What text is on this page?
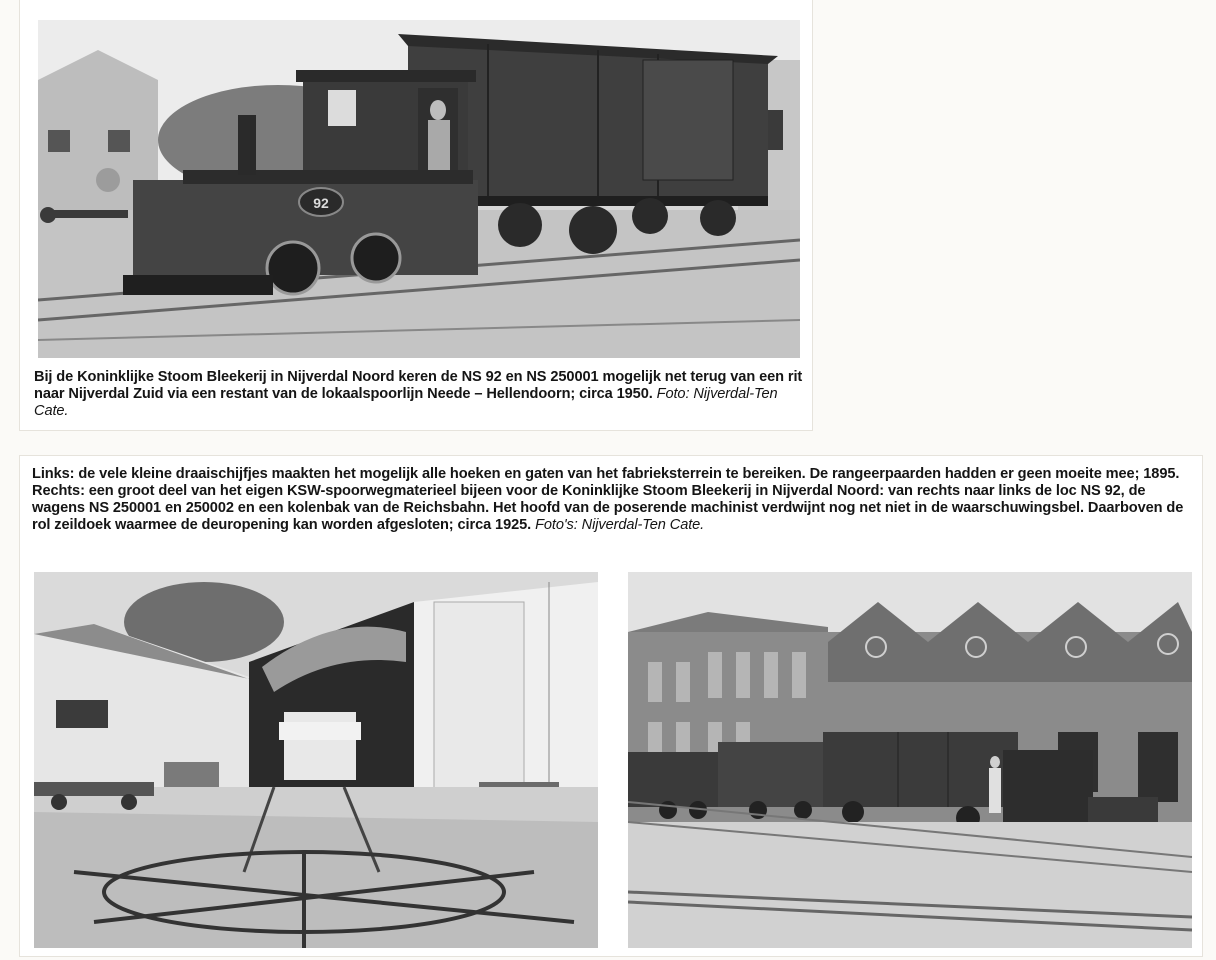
92
Bij de Koninklijke Stoom Bleekerij in Nijverdal Noord keren de NS 92 en NS 250001 mogelijk net terug van een rit naar Nijverdal Zuid via een restant van de lokaalspoorlijn Neede – Hellendoorn; circa 1950. Foto: Nijverdal-Ten Cate.
Links: de vele kleine draaischijfjes maakten het mogelijk alle hoeken en gaten van het fabrieksterrein te bereiken. De rangeerpaarden hadden er geen moeite mee; 1895. Rechts: een groot deel van het eigen KSW-spoorwegmaterieel bijeen voor de Koninklijke Stoom Bleekerij in Nijverdal Noord: van rechts naar links de loc NS 92, de wagens NS 250001 en 250002 en een kolenbak van de Reichsbahn. Het hoofd van de poserende machinist verdwijnt nog net niet in de waarschuwingsbel. Daarboven de rol zeildoek waarmee de deuropening kan worden afgesloten; circa 1925. Foto's: Nijverdal-Ten Cate.
